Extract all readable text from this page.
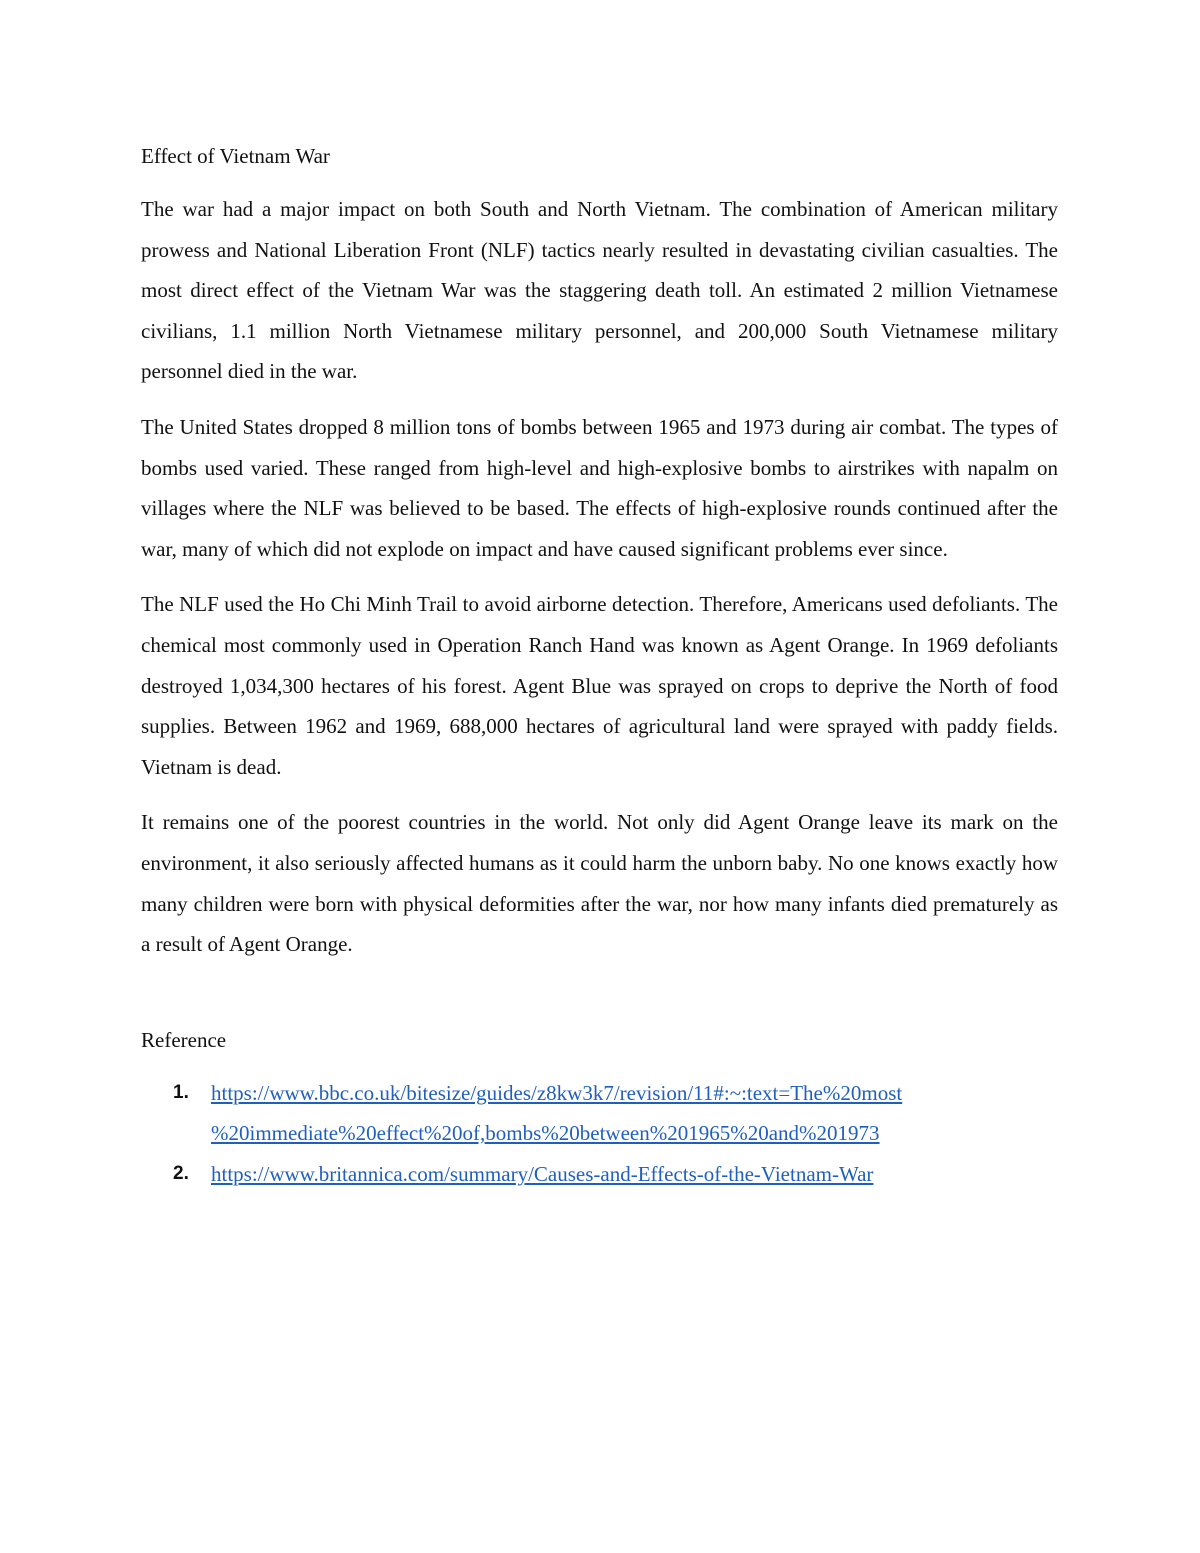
Effect of Vietnam War

The war had a major impact on both South and North Vietnam. The combination of American military prowess and National Liberation Front (NLF) tactics nearly resulted in devastating civilian casualties. The most direct effect of the Vietnam War was the staggering death toll. An estimated 2 million Vietnamese civilians, 1.1 million North Vietnamese military personnel, and 200,000 South Vietnamese military personnel died in the war.

The United States dropped 8 million tons of bombs between 1965 and 1973 during air combat. The types of bombs used varied. These ranged from high-level and high-explosive bombs to airstrikes with napalm on villages where the NLF was believed to be based. The effects of high-explosive rounds continued after the war, many of which did not explode on impact and have caused significant problems ever since.

The NLF used the Ho Chi Minh Trail to avoid airborne detection. Therefore, Americans used defoliants. The chemical most commonly used in Operation Ranch Hand was known as Agent Orange. In 1969 defoliants destroyed 1,034,300 hectares of his forest. Agent Blue was sprayed on crops to deprive the North of food supplies. Between 1962 and 1969, 688,000 hectares of agricultural land were sprayed with paddy fields. Vietnam is dead.

It remains one of the poorest countries in the world. Not only did Agent Orange leave its mark on the environment, it also seriously affected humans as it could harm the unborn baby. No one knows exactly how many children were born with physical deformities after the war, nor how many infants died prematurely as a result of Agent Orange.

Reference
1. https://www.bbc.co.uk/bitesize/guides/z8kw3k7/revision/11#:~:text=The%20most
%20immediate%20effect%20of,bombs%20between%201965%20and%201973
2. https://www.britannica.com/summary/Causes-and-Effects-of-the-Vietnam-War
